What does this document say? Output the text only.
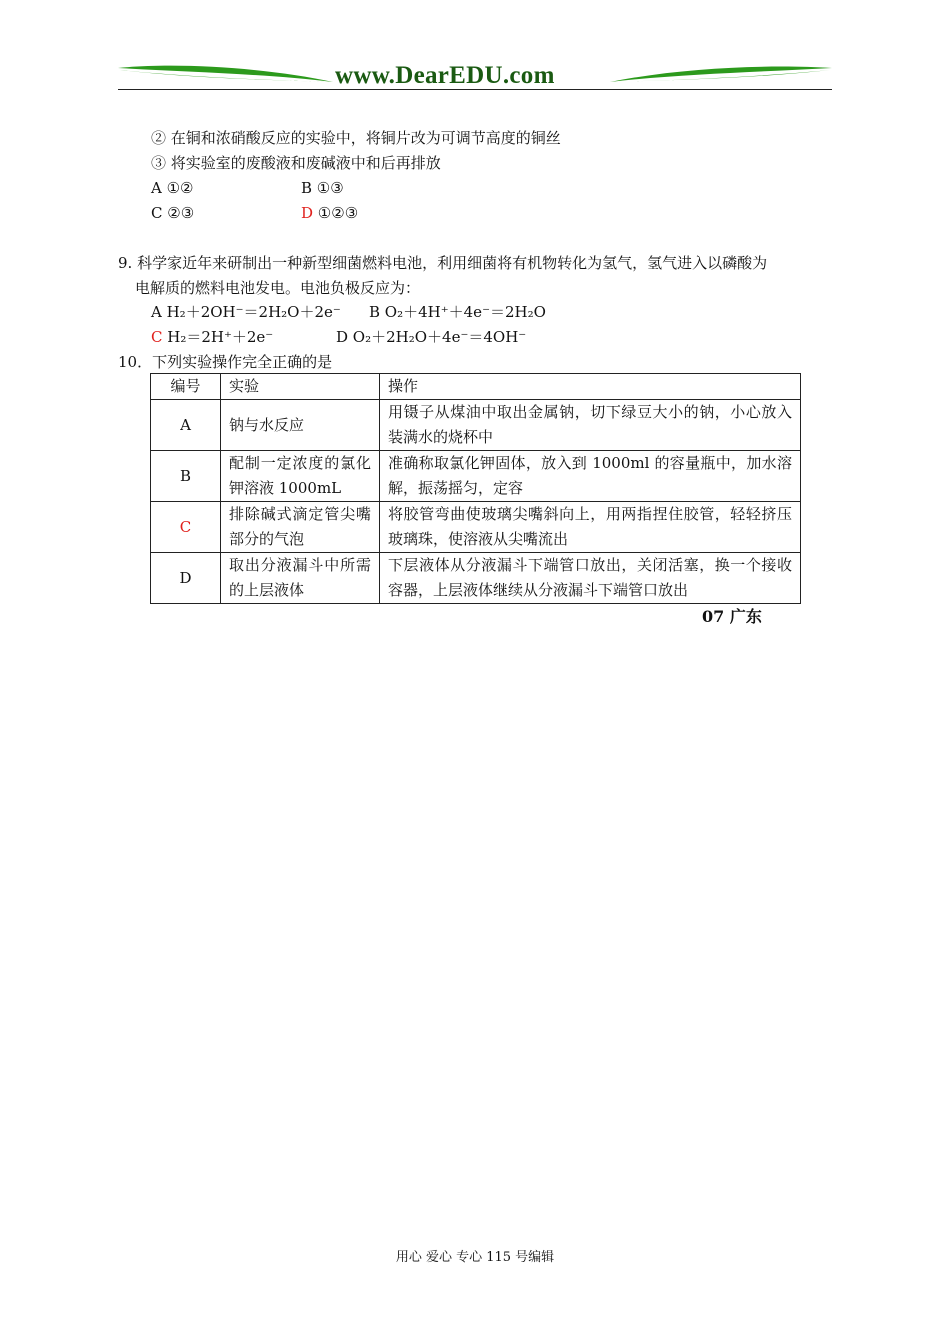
www.DearEDU.com
② 在铜和浓硝酸反应的实验中，将铜片改为可调节高度的铜丝
③ 将实验室的废酸液和废碱液中和后再排放
A ①②	B ①③
C ②③	D ①②③
9. 科学家近年来研制出一种新型细菌燃料电池，利用细菌将有机物转化为氢气，氢气进入以磷酸为
电解质的燃料电池发电。电池负极反应为：
A H₂＋2OH⁻＝2H₂O＋2e⁻ B O₂＋4H⁺＋4e⁻＝2H₂O
C H₂＝2H⁺＋2e⁻	D O₂＋2H₂O＋4e⁻＝4OH⁻
10．下列实验操作完全正确的是
编号	实验	操作
A	钠与水反应	用镊子从煤油中取出金属钠，切下绿豆大小的钠，小心放入装满水的烧杯中
B	配制一定浓度的氯化钾溶液 1000mL	准确称取氯化钾固体，放入到 1000ml 的容量瓶中，加水溶解，振荡摇匀，定容
C	排除碱式滴定管尖嘴部分的气泡	将胶管弯曲使玻璃尖嘴斜向上，用两指捏住胶管，轻轻挤压玻璃珠，使溶液从尖嘴流出
D	取出分液漏斗中所需的上层液体	下层液体从分液漏斗下端管口放出，关闭活塞，换一个接收容器，上层液体继续从分液漏斗下端管口放出
07 广东
用心 爱心 专心 115 号编辑
